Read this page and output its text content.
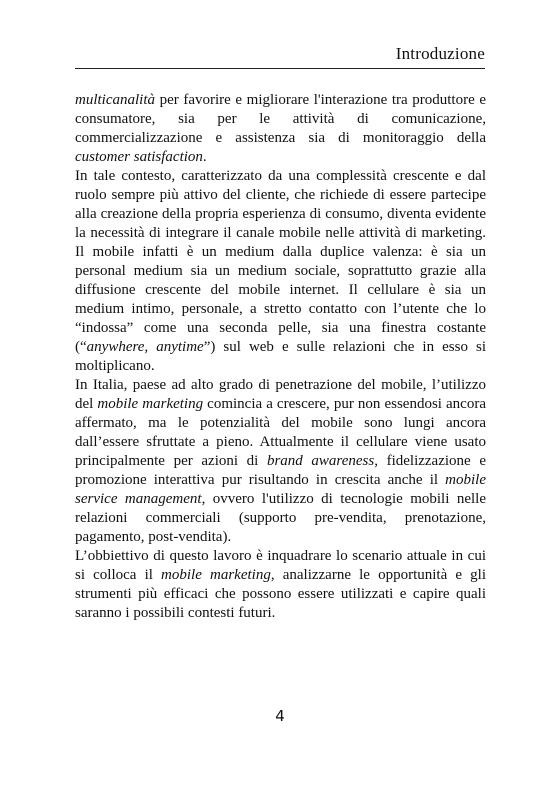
Introduzione

multicanalità per favorire e migliorare l'interazione tra produttore e consumatore, sia per le attività di comunicazione, commercializzazione e assistenza sia di monitoraggio della customer satisfaction.

In tale contesto, caratterizzato da una complessità crescente e dal ruolo sempre più attivo del cliente, che richiede di essere partecipe alla creazione della propria esperienza di consumo, diventa evidente la necessità di integrare il canale mobile nelle attività di marketing. Il mobile infatti è un medium dalla duplice valenza: è sia un personal medium sia un medium sociale, soprattutto grazie alla diffusione crescente del mobile internet. Il cellulare è sia un medium intimo, personale, a stretto contatto con l’utente che lo “indossa” come una seconda pelle, sia una finestra costante (“anywhere, anytime”) sul web e sulle relazioni che in esso si moltiplicano.

In Italia, paese ad alto grado di penetrazione del mobile, l’utilizzo del mobile marketing comincia a crescere, pur non essendosi ancora affermato, ma le potenzialità del mobile sono lungi ancora dall’essere sfruttate a pieno. Attualmente il cellulare viene usato principalmente per azioni di brand awareness, fidelizzazione e promozione interattiva pur risultando in crescita anche il mobile service management, ovvero l'utilizzo di tecnologie mobili nelle relazioni commerciali (supporto pre-vendita, prenotazione, pagamento, post-vendita).

L’obbiettivo di questo lavoro è inquadrare lo scenario attuale in cui si colloca il mobile marketing, analizzarne le opportunità e gli strumenti più efficaci che possono essere utilizzati e capire quali saranno i possibili contesti futuri.

4
